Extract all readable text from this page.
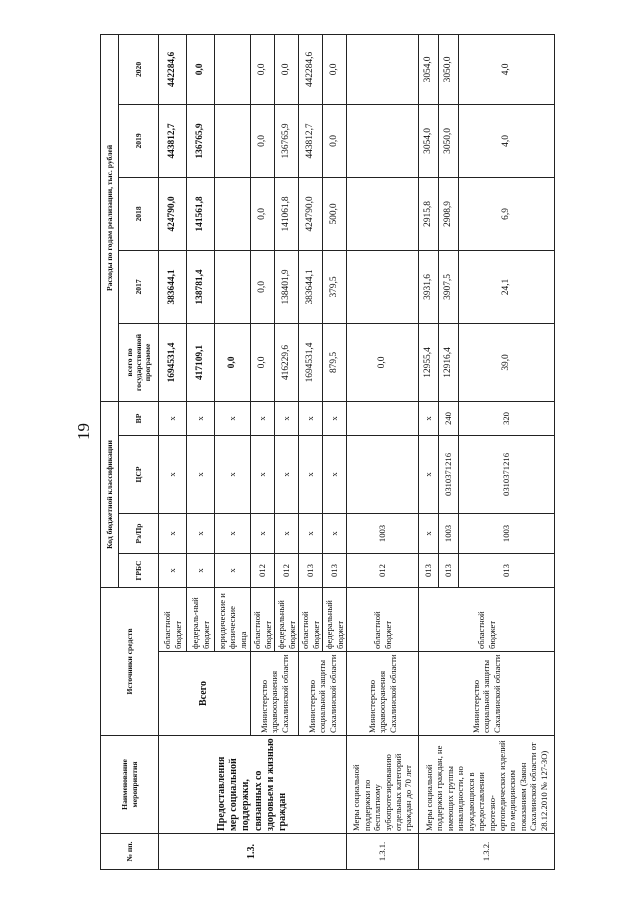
19
№ пп.	Наименование мероприятия	Источники средств		Код бюджетной классификации				Расходы по годам реализации, тыс. рублей				
				ГРБС	Рз/Пр	ЦСР	ВР	всего по государственной программе	2017	2018	2019	2020
1.3.	Предоставления мер социальной поддержки, связанных со здоровьем и жизнью граждан	Всего	областной бюджет	х	х	х	х	1694531,4	383644,1	424790,0	443812,7	442284,6
			федераль-ный бюджет	х	х	х	х	417109,1	138781,4	141561,8	136765,9	0,0
			юридические и физические лица	х	х	х	х	0,0				
		Министерство здравоохранения Сахалинской области	областной бюджет	012	х	х	х	0,0	0,0	0,0	0,0	0,0
			федеральный бюджет	012	х	х	х	416229,6	138401,9	141061,8	136765,9	0,0
		Министерство социальной защиты Сахалинской области	областной бюджет	013	х	х	х	1694531,4	383644,1	424790,0	443812,7	442284,6
			федеральный бюджет	013	х	х	х	879,5	379,5	500,0	0,0	0,0
1.3.1.	Меры социальной поддержки по бесплатному зубопротезированию отдельных категорий граждан до 70 лет	Министерство здравоохранения Сахалинской области	областной бюджет	012	1003			0,0				
1.3.2.	Меры социальной поддержки граждан, не имеющих группы инвалидности, но нуждающихся в предоставлении протезно-ортопедических изделий по медицинским показаниям (Закон Сахалинской области от 28.12.2010 № 127-ЗО)	Министерство социальной защиты Сахалинской области	областной бюджет	013	х	х	х	12955,4	3931,6	2915,8	3054,0	3054,0
				013	1003	0310371216	240	12916,4	3907,5	2908,9	3050,0	3050,0
				013	1003	0310371216	320	39,0	24,1	6,9	4,0	4,0
